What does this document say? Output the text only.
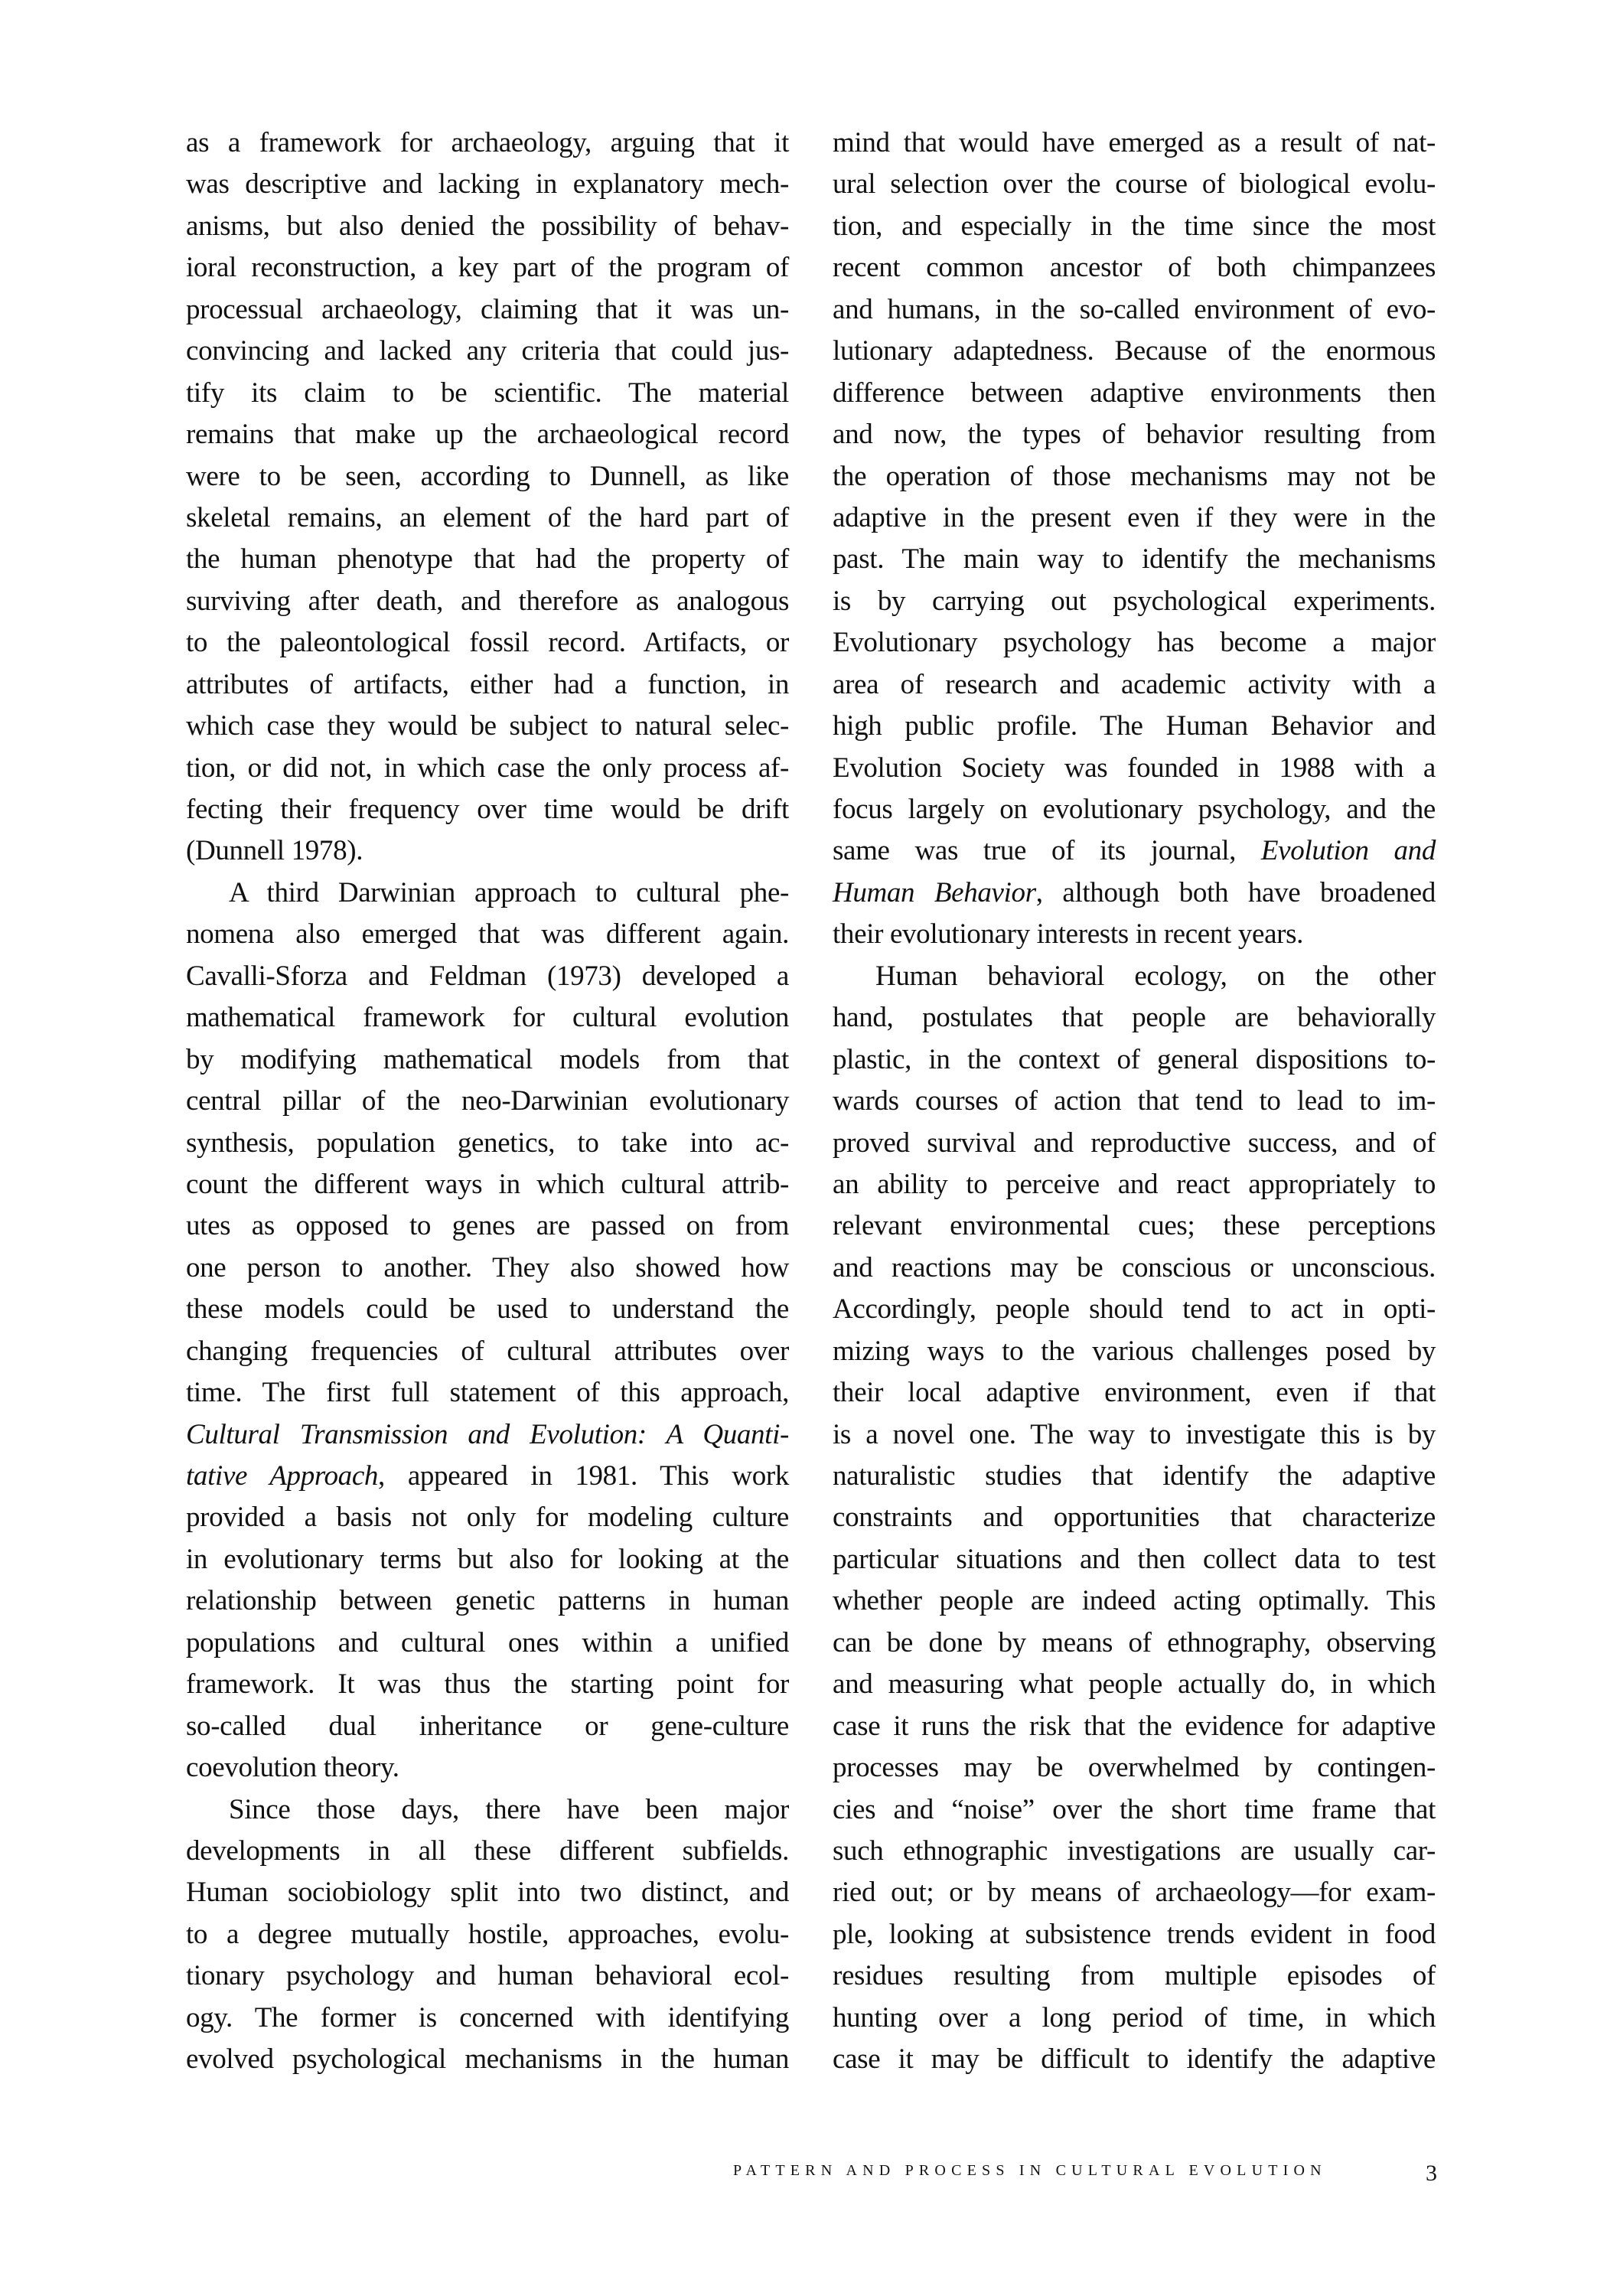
as a framework for archaeology, arguing that it
was descriptive and lacking in explanatory mech-
anisms, but also denied the possibility of behav-
ioral reconstruction, a key part of the program of
processual archaeology, claiming that it was un-
convincing and lacked any criteria that could jus-
tify its claim to be scientific. The material
remains that make up the archaeological record
were to be seen, according to Dunnell, as like
skeletal remains, an element of the hard part of
the human phenotype that had the property of
surviving after death, and therefore as analogous
to the paleontological fossil record. Artifacts, or
attributes of artifacts, either had a function, in
which case they would be subject to natural selec-
tion, or did not, in which case the only process af-
fecting their frequency over time would be drift
(Dunnell 1978).
A third Darwinian approach to cultural phe-
nomena also emerged that was different again.
Cavalli-Sforza and Feldman (1973) developed a
mathematical framework for cultural evolution
by modifying mathematical models from that
central pillar of the neo-Darwinian evolutionary
synthesis, population genetics, to take into ac-
count the different ways in which cultural attrib-
utes as opposed to genes are passed on from
one person to another. They also showed how
these models could be used to understand the
changing frequencies of cultural attributes over
time. The first full statement of this approach,
Cultural Transmission and Evolution: A Quanti-
tative Approach, appeared in 1981. This work
provided a basis not only for modeling culture
in evolutionary terms but also for looking at the
relationship between genetic patterns in human
populations and cultural ones within a unified
framework. It was thus the starting point for
so-called dual inheritance or gene-culture
coevolution theory.
Since those days, there have been major
developments in all these different subfields.
Human sociobiology split into two distinct, and
to a degree mutually hostile, approaches, evolu-
tionary psychology and human behavioral ecol-
ogy. The former is concerned with identifying
evolved psychological mechanisms in the human
mind that would have emerged as a result of nat-
ural selection over the course of biological evolu-
tion, and especially in the time since the most
recent common ancestor of both chimpanzees
and humans, in the so-called environment of evo-
lutionary adaptedness. Because of the enormous
difference between adaptive environments then
and now, the types of behavior resulting from
the operation of those mechanisms may not be
adaptive in the present even if they were in the
past. The main way to identify the mechanisms
is by carrying out psychological experiments.
Evolutionary psychology has become a major
area of research and academic activity with a
high public profile. The Human Behavior and
Evolution Society was founded in 1988 with a
focus largely on evolutionary psychology, and the
same was true of its journal, Evolution and
Human Behavior, although both have broadened
their evolutionary interests in recent years.
Human behavioral ecology, on the other
hand, postulates that people are behaviorally
plastic, in the context of general dispositions to-
wards courses of action that tend to lead to im-
proved survival and reproductive success, and of
an ability to perceive and react appropriately to
relevant environmental cues; these perceptions
and reactions may be conscious or unconscious.
Accordingly, people should tend to act in opti-
mizing ways to the various challenges posed by
their local adaptive environment, even if that
is a novel one. The way to investigate this is by
naturalistic studies that identify the adaptive
constraints and opportunities that characterize
particular situations and then collect data to test
whether people are indeed acting optimally. This
can be done by means of ethnography, observing
and measuring what people actually do, in which
case it runs the risk that the evidence for adaptive
processes may be overwhelmed by contingen-
cies and “noise” over the short time frame that
such ethnographic investigations are usually car-
ried out; or by means of archaeology—for exam-
ple, looking at subsistence trends evident in food
residues resulting from multiple episodes of
hunting over a long period of time, in which
case it may be difficult to identify the adaptive
PATTERN AND PROCESS IN CULTURAL EVOLUTION	3
